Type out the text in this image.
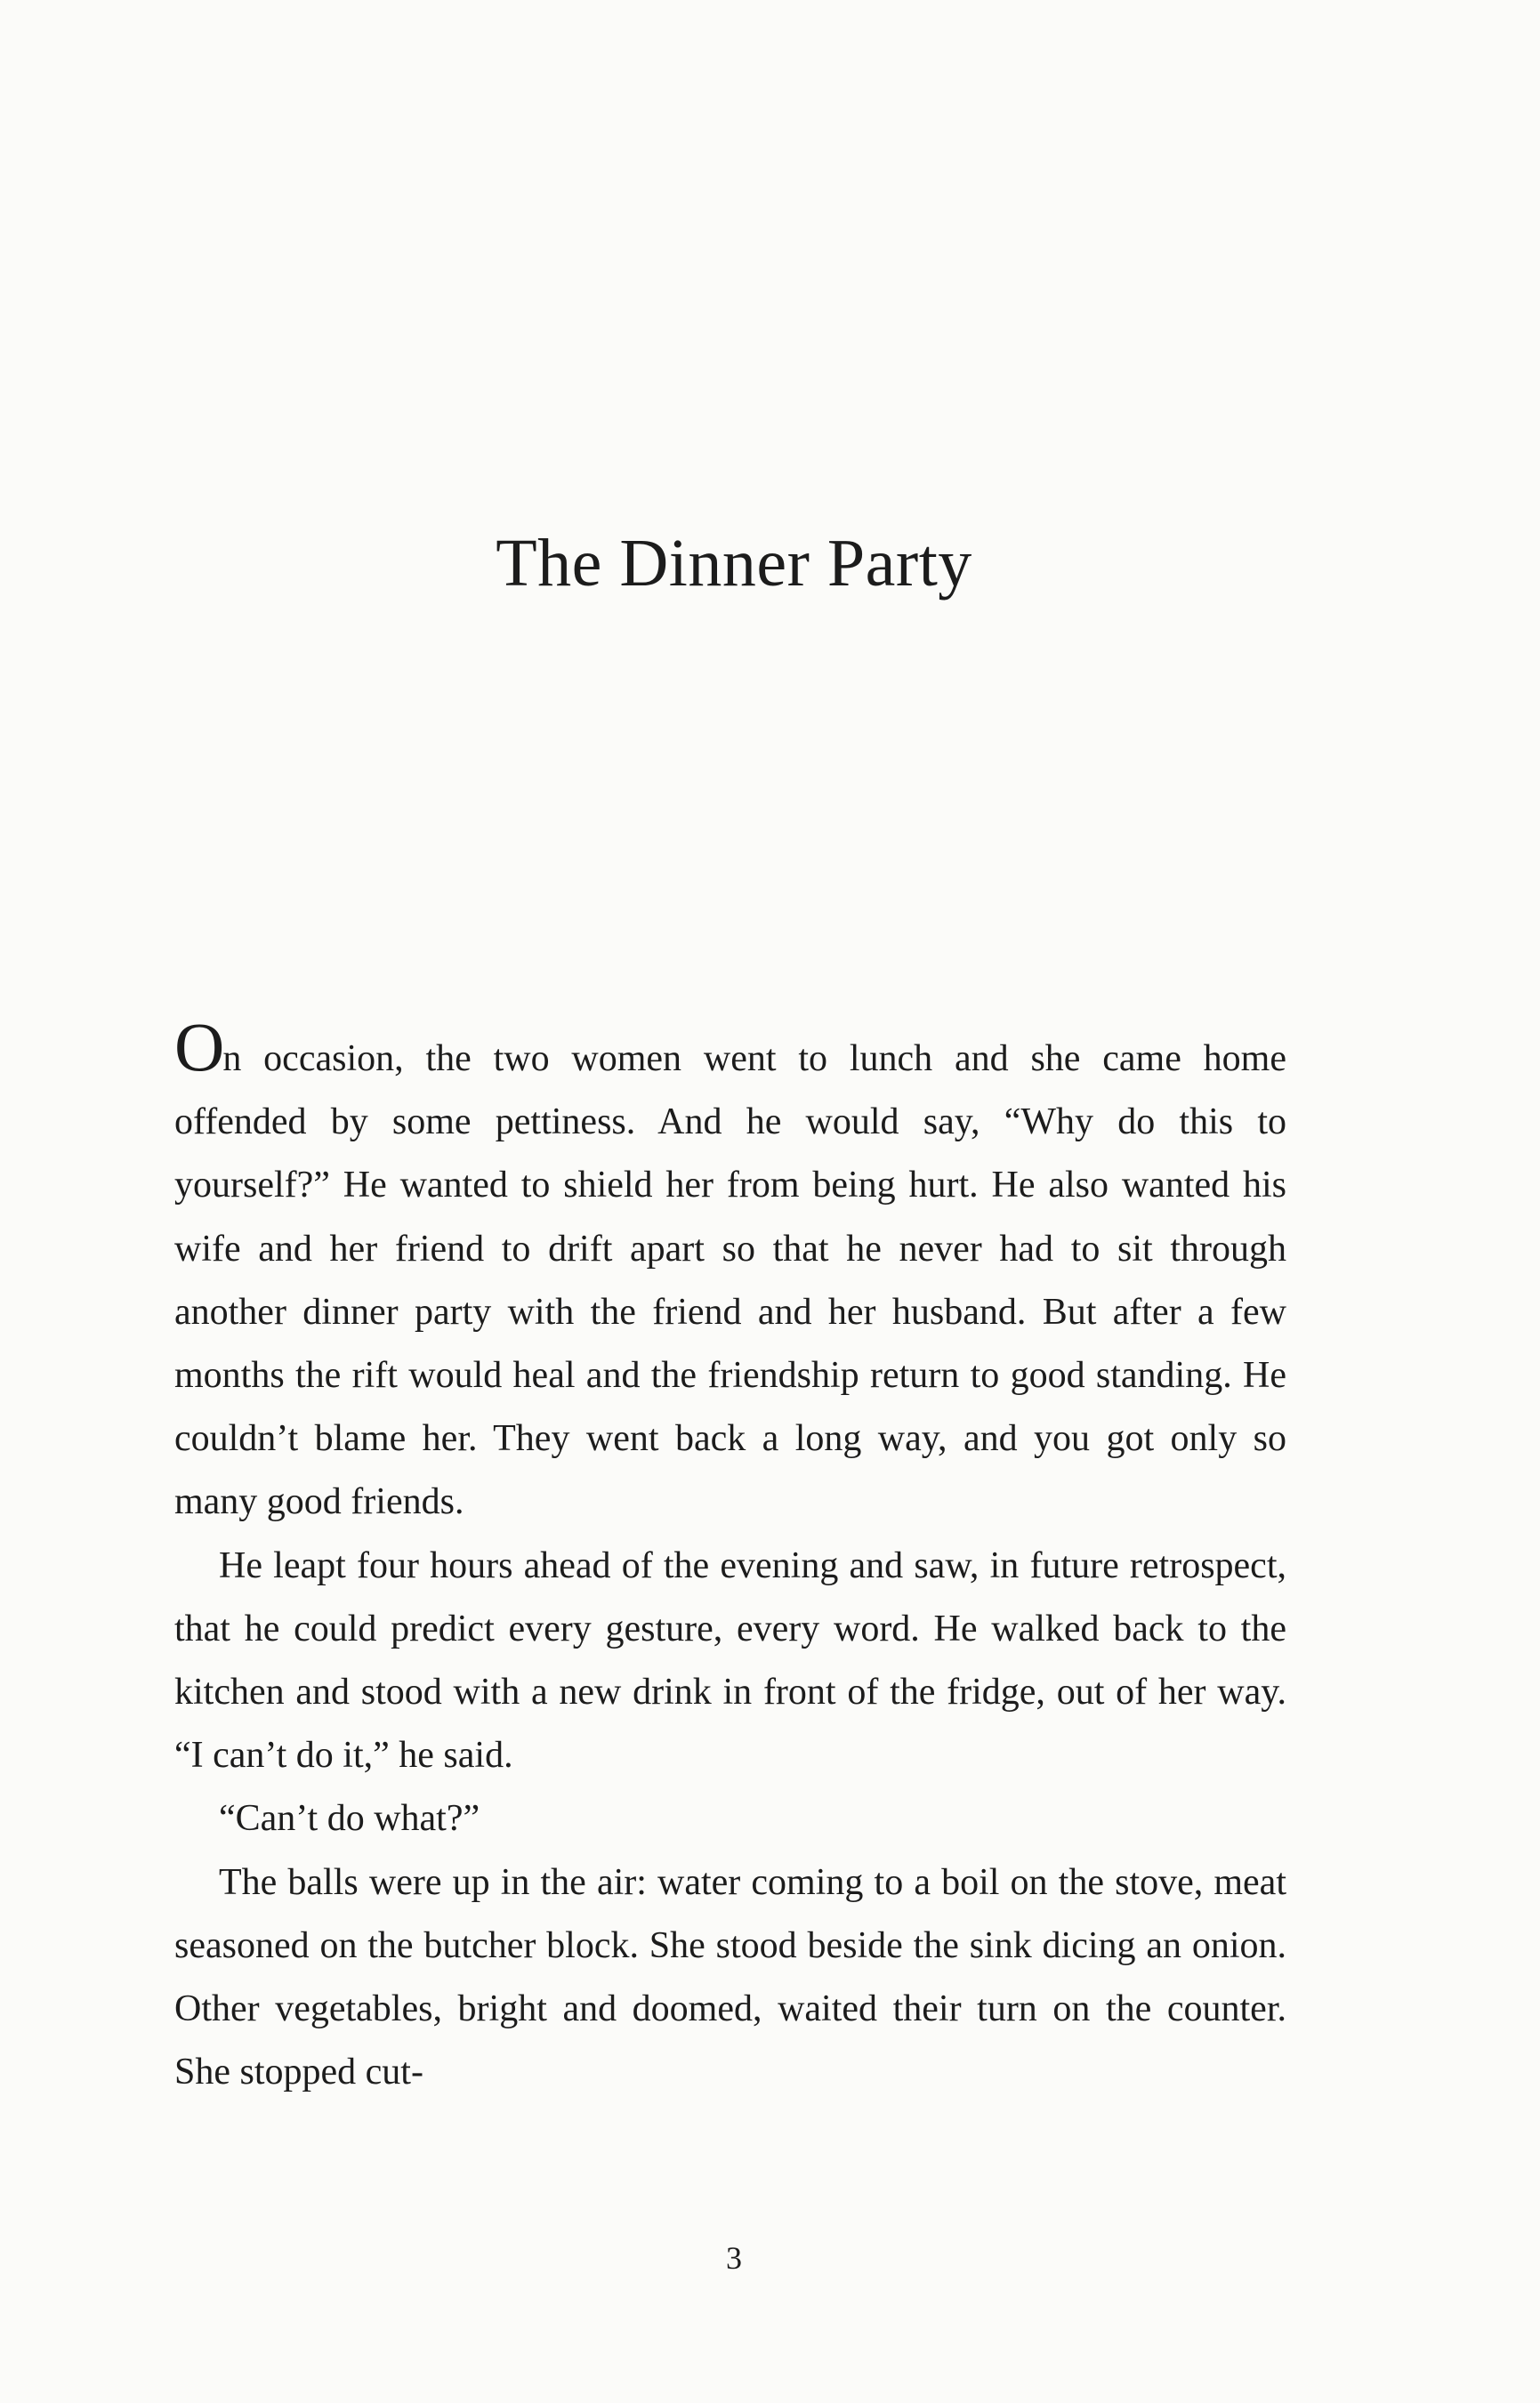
The Dinner Party

On occasion, the two women went to lunch and she came home offended by some pettiness. And he would say, “Why do this to yourself?” He wanted to shield her from being hurt. He also wanted his wife and her friend to drift apart so that he never had to sit through another dinner party with the friend and her husband. But after a few months the rift would heal and the friendship return to good standing. He couldn’t blame her. They went back a long way, and you got only so many good friends.

He leapt four hours ahead of the evening and saw, in future retrospect, that he could predict every gesture, every word. He walked back to the kitchen and stood with a new drink in front of the fridge, out of her way. “I can’t do it,” he said.

“Can’t do what?”

The balls were up in the air: water coming to a boil on the stove, meat seasoned on the butcher block. She stood beside the sink dicing an onion. Other vegetables, bright and doomed, waited their turn on the counter. She stopped cut-

3
